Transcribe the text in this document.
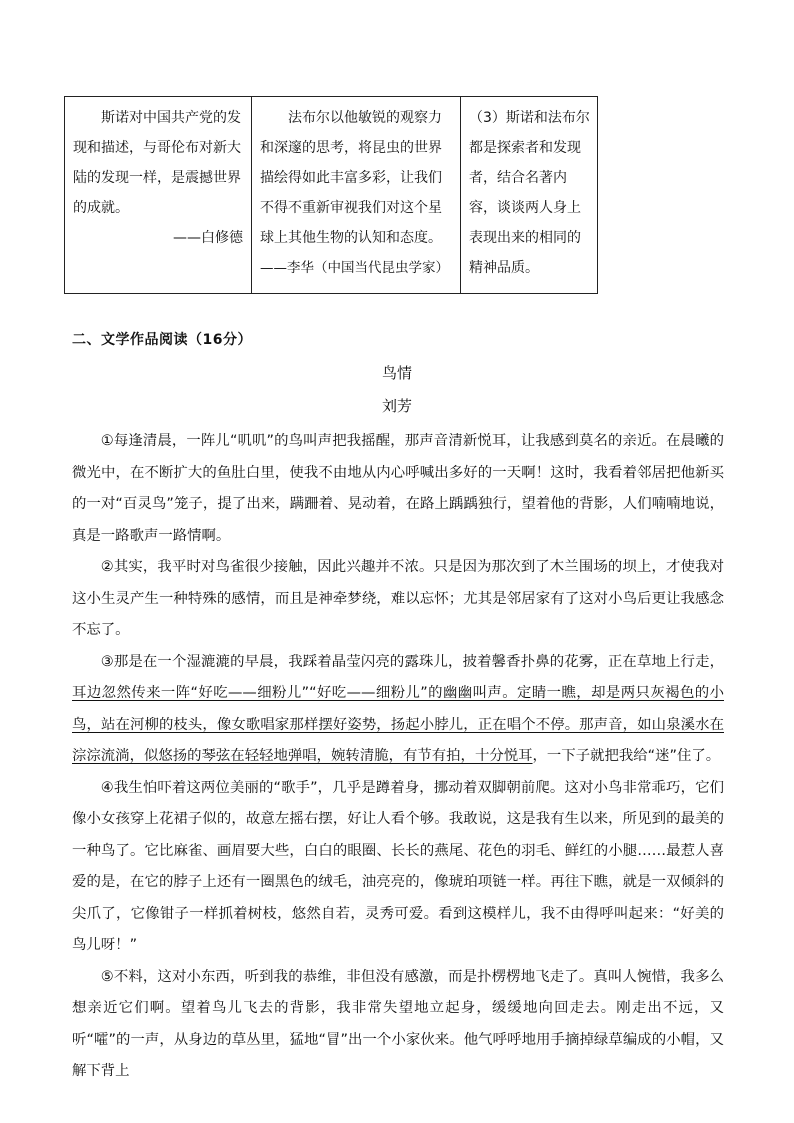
斯诺对中国共产党的发现和描述，与哥伦布对新大陆的发现一样，是震撼世界的成就。
——白修德

法布尔以他敏锐的观察力和深邃的思考，将昆虫的世界描绘得如此丰富多彩，让我们不得不重新审视我们对这个星球上其他生物的认知和态度。
——李华（中国当代昆虫学家）

（3）斯诺和法布尔都是探索者和发现者，结合名著内容，谈谈两人身上表现出来的相同的精神品质。
二、文学作品阅读（16分）
鸟情
刘芳

①每逢清晨，一阵儿“叽叽”的鸟叫声把我摇醒，那声音清新悦耳，让我感到莫名的亲近。在晨曦的微光中，在不断扩大的鱼肚白里，使我不由地从内心呼喊出多好的一天啊！这时，我看着邻居把他新买的一对“百灵鸟”笼子，提了出来，蹒跚着、晃动着，在路上踽踽独行，望着他的背影，人们喃喃地说，真是一路歌声一路情啊。

②其实，我平时对鸟雀很少接触，因此兴趣并不浓。只是因为那次到了木兰围场的坝上，才使我对这小生灵产生一种特殊的感情，而且是神牵梦绕，难以忘怀；尤其是邻居家有了这对小鸟后更让我感念不忘了。

③那是在一个湿漉漉的早晨，我踩着晶莹闪亮的露珠儿，披着馨香扑鼻的花雾，正在草地上行走，耳边忽然传来一阵“好吃——细粉儿”“好吃——细粉儿”的幽幽叫声。定睛一瞧，却是两只灰褐色的小鸟，站在河柳的枝头，像女歌唱家那样摆好姿势，扬起小脖儿，正在唱个不停。那声音，如山泉溪水在淙淙流淌，似悠扬的琴弦在轻轻地弹唱，婉转清脆，有节有拍，十分悦耳，一下子就把我给“迷”住了。

④我生怕吓着这两位美丽的“歌手”，几乎是蹲着身，挪动着双脚朝前爬。这对小鸟非常乖巧，它们像小女孩穿上花裙子似的，故意左摇右摆，好让人看个够。我敢说，这是我有生以来，所见到的最美的一种鸟了。它比麻雀、画眉要大些，白白的眼圈、长长的燕尾、花色的羽毛、鲜红的小腿……最惹人喜爱的是，在它的脖子上还有一圈黑色的绒毛，油亮亮的，像琥珀项链一样。再往下瞧，就是一双倾斜的尖爪了，它像钳子一样抓着树枝，悠然自若，灵秀可爱。看到这模样儿，我不由得呼叫起来：“好美的鸟儿呀！”

⑤不料，这对小东西，听到我的恭维，非但没有感激，而是扑楞楞地飞走了。真叫人惋惜，我多么想亲近它们啊。望着鸟儿飞去的背影，我非常失望地立起身，缓缓地向回走去。刚走出不远，又听“嚯”的一声，从身边的草丛里，猛地“冒”出一个小家伙来。他气呼呼地用手摘掉绿草编成的小帽，又解下背上
